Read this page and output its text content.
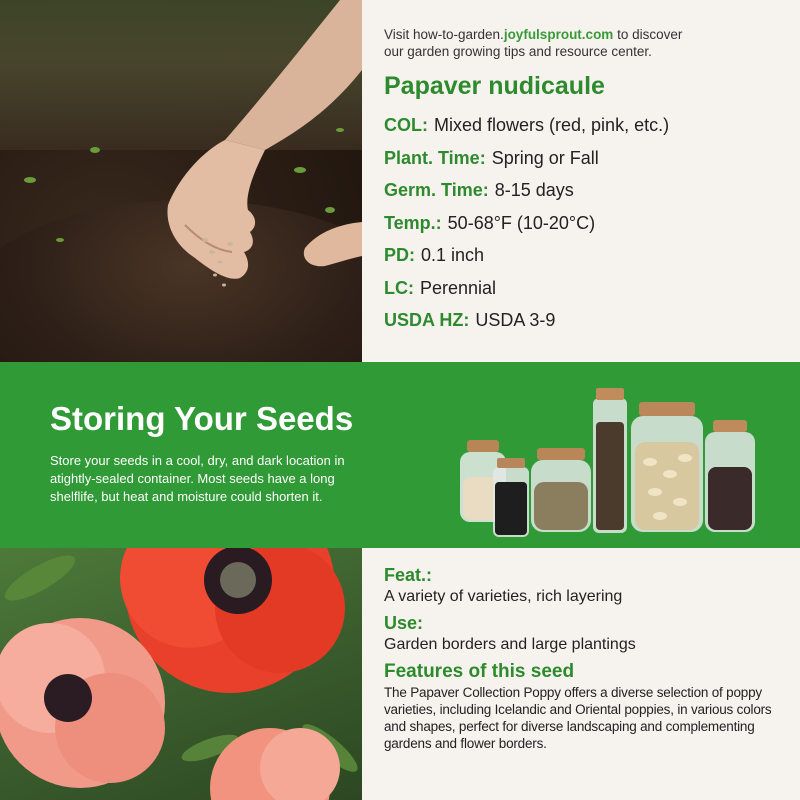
Visit how-to-garden.joyfulsprout.com to discover
our garden growing tips and resource center.

Papaver nudicaule
COL: Mixed flowers (red, pink, etc.)
Plant. Time: Spring or Fall
Germ. Time: 8-15 days
Temp.: 50-68°F (10-20°C)
PD: 0.1 inch
LC: Perennial
USDA HZ: USDA 3-9
Storing Your Seeds

Store your seeds in a cool, dry, and dark location in atightly-sealed container. Most seeds have a long shelflife, but heat and moisture could shorten it.

Feat.:

A variety of varieties, rich layering

Use:

Garden borders and large plantings

Features of this seed

The Papaver Collection Poppy offers a diverse selection of poppy varieties, including Icelandic and Oriental poppies, in various colors and shapes, perfect for diverse landscaping and complementing gardens and flower borders.
